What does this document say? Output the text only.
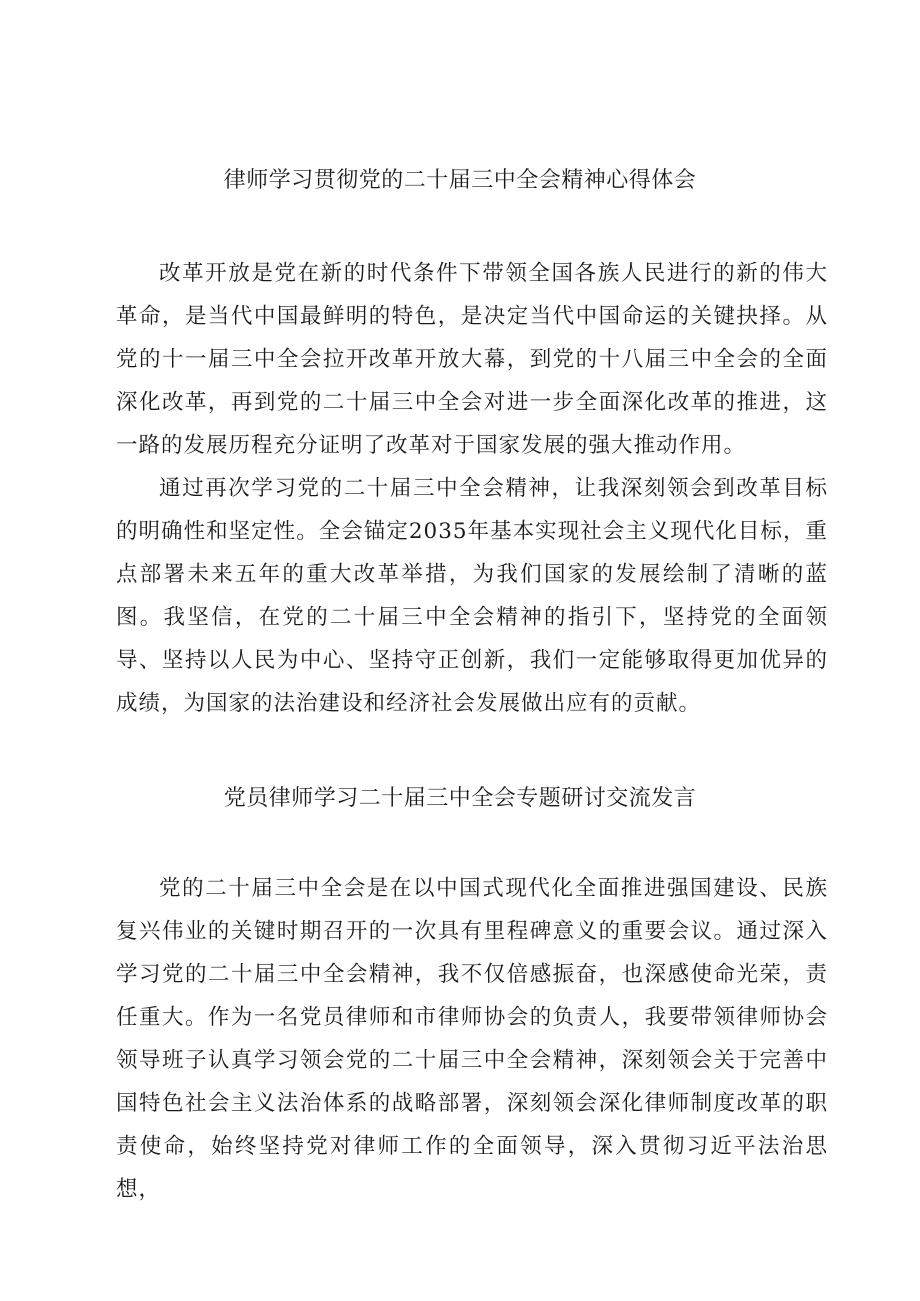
律师学习贯彻党的二十届三中全会精神心得体会

改革开放是党在新的时代条件下带领全国各族人民进行的新的伟大革命，是当代中国最鲜明的特色，是决定当代中国命运的关键抉择。从党的十一届三中全会拉开改革开放大幕，到党的十八届三中全会的全面深化改革，再到党的二十届三中全会对进一步全面深化改革的推进，这一路的发展历程充分证明了改革对于国家发展的强大推动作用。

通过再次学习党的二十届三中全会精神，让我深刻领会到改革目标的明确性和坚定性。全会锚定2035年基本实现社会主义现代化目标，重点部署未来五年的重大改革举措，为我们国家的发展绘制了清晰的蓝图。我坚信，在党的二十届三中全会精神的指引下，坚持党的全面领导、坚持以人民为中心、坚持守正创新，我们一定能够取得更加优异的成绩，为国家的法治建设和经济社会发展做出应有的贡献。

党员律师学习二十届三中全会专题研讨交流发言

党的二十届三中全会是在以中国式现代化全面推进强国建设、民族复兴伟业的关键时期召开的一次具有里程碑意义的重要会议。通过深入学习党的二十届三中全会精神，我不仅倍感振奋，也深感使命光荣，责任重大。作为一名党员律师和市律师协会的负责人，我要带领律师协会领导班子认真学习领会党的二十届三中全会精神，深刻领会关于完善中国特色社会主义法治体系的战略部署，深刻领会深化律师制度改革的职责使命，始终坚持党对律师工作的全面领导，深入贯彻习近平法治思想，
